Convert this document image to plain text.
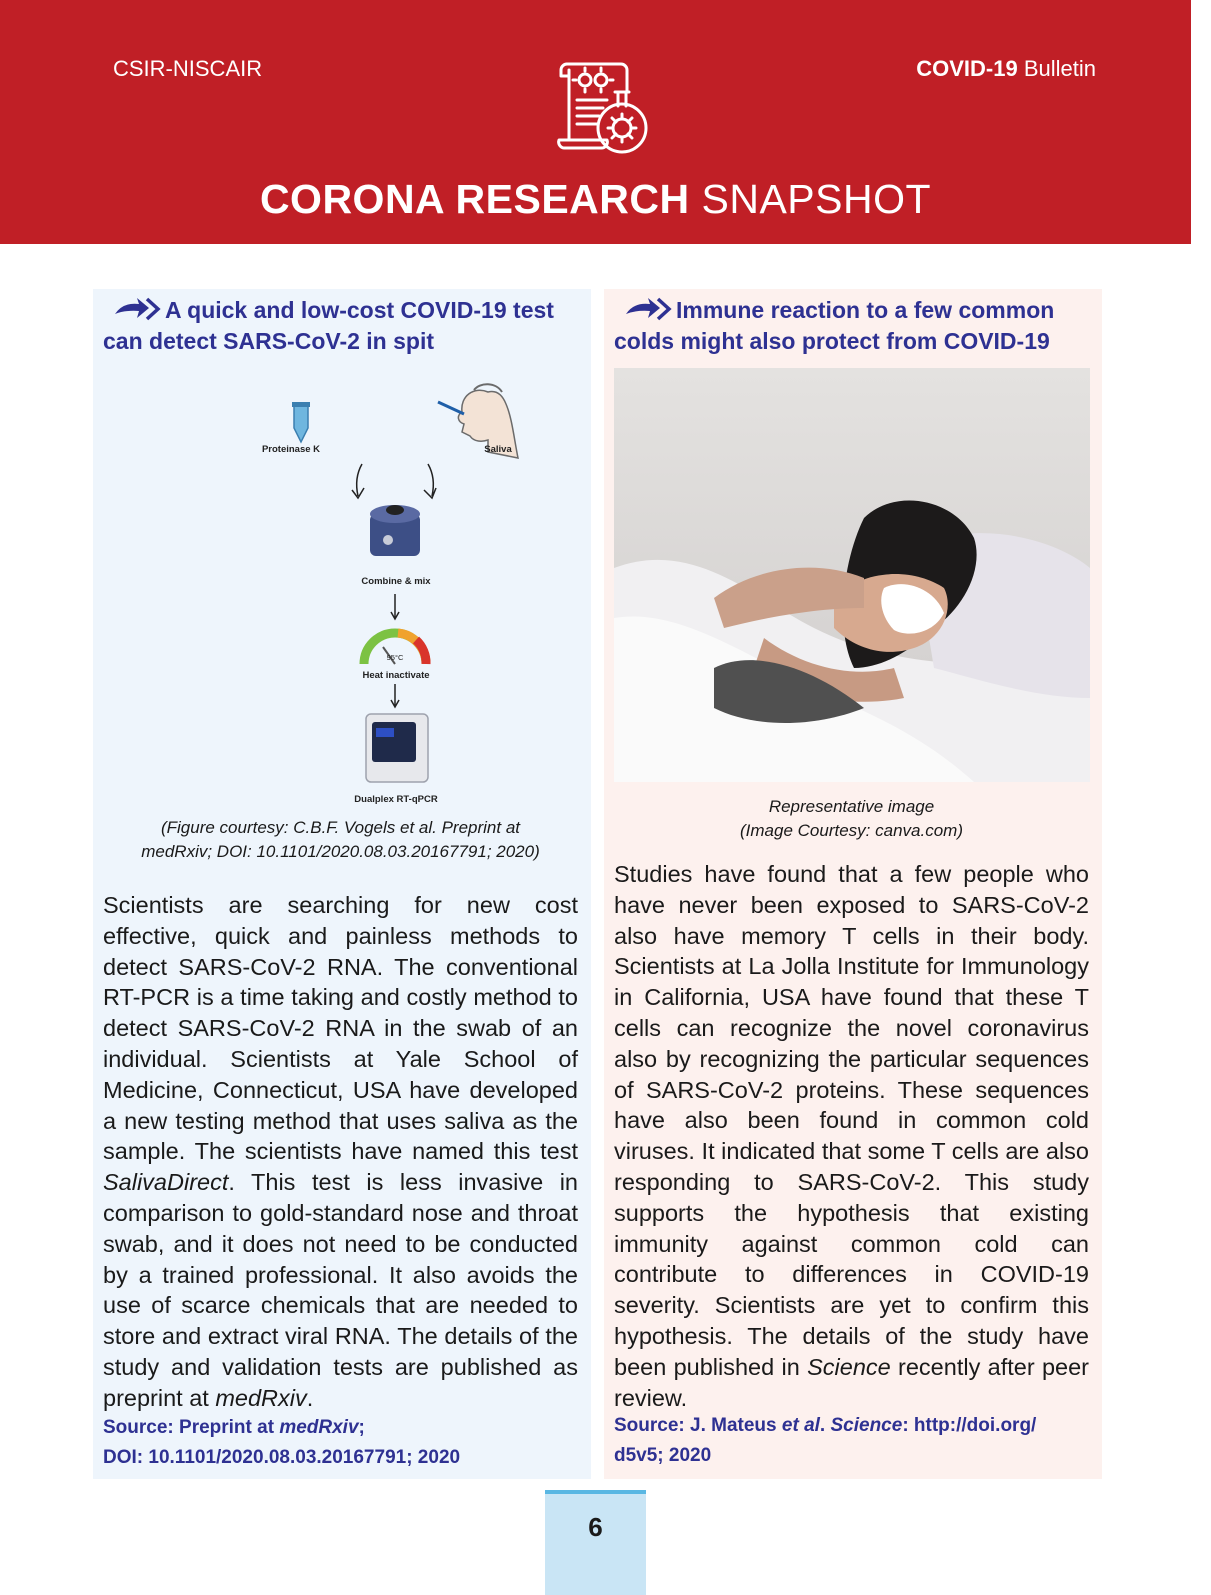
CSIR-NISCAIR	COVID-19 Bulletin
CORONA RESEARCH SNAPSHOT

A quick and low-cost COVID-19 test can detect SARS-CoV-2 in spit

Proteinase K	Saliva
Combine & mix
95°C
Heat inactivate
Dualplex RT-qPCR
(Figure courtesy: C.B.F. Vogels et al. Preprint at
medRxiv; DOI: 10.1101/2020.08.03.20167791; 2020)
Scientists are searching for new cost effective, quick and painless methods to detect SARS-CoV-2 RNA. The conventional RT-PCR is a time taking and costly method to detect SARS-CoV-2 RNA in the swab of an individual. Scientists at Yale School of Medicine, Connecticut, USA have developed a new testing method that uses saliva as the sample. The scientists have named this test SalivaDirect. This test is less invasive in comparison to gold-standard nose and throat swab, and it does not need to be conducted by a trained professional. It also avoids the use of scarce chemicals that are needed to store and extract viral RNA. The details of the study and validation tests are published as preprint at medRxiv.
Source: Preprint at medRxiv;
DOI: 10.1101/2020.08.03.20167791; 2020

Immune reaction to a few common colds might also protect from COVID-19

Representative image
(Image Courtesy: canva.com)
Studies have found that a few people who have never been exposed to SARS-CoV-2 also have memory T cells in their body. Scientists at La Jolla Institute for Immunology in California, USA have found that these T cells can recognize the novel coronavirus also by recognizing the particular sequences of SARS-CoV-2 proteins. These sequences have also been found in common cold viruses. It indicated that some T cells are also responding to SARS-CoV-2. This study supports the hypothesis that existing immunity against common cold can contribute to differences in COVID-19 severity. Scientists are yet to confirm this hypothesis. The details of the study have been published in Science recently after peer review.
Source: J. Mateus et al. Science: http://doi.org/
d5v5; 2020
6
